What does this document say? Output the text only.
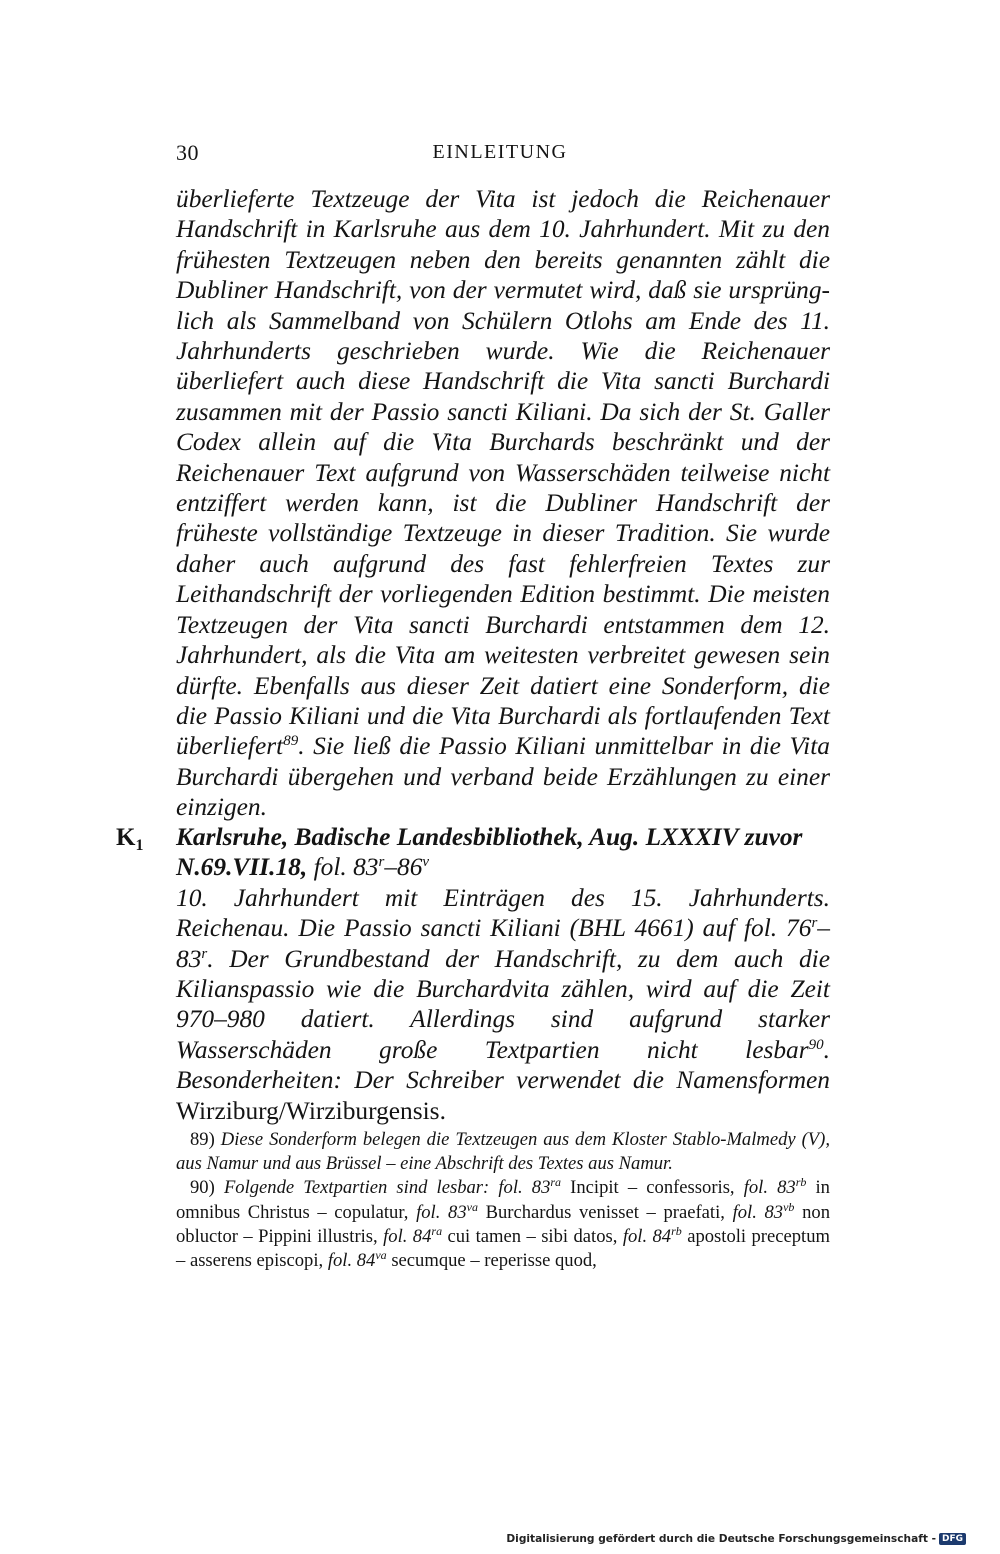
30	EINLEITUNG

überlieferte Textzeuge der Vita ist jedoch die Reichenauer Handschrift in Karlsruhe aus dem 10. Jahrhundert. Mit zu den frühesten Textzeugen neben den bereits genannten zählt die Dubliner Handschrift, von der vermutet wird, daß sie ursprünglich als Sammelband von Schülern Otlohs am Ende des 11. Jahrhunderts geschrieben wurde. Wie die Reichenauer überliefert auch diese Handschrift die Vita sancti Burchardi zusammen mit der Passio sancti Kiliani. Da sich der St. Galler Codex allein auf die Vita Burchards beschränkt und der Reichenauer Text aufgrund von Wasserschäden teilweise nicht entziffert werden kann, ist die Dubliner Handschrift der früheste vollständige Textzeuge in dieser Tradition. Sie wurde daher auch aufgrund des fast fehlerfreien Textes zur Leithandschrift der vorliegenden Edition bestimmt. Die meisten Textzeugen der Vita sancti Burchardi entstammen dem 12. Jahrhundert, als die Vita am weitesten verbreitet gewesen sein dürfte. Ebenfalls aus dieser Zeit datiert eine Sonderform, die die Passio Kiliani und die Vita Burchardi als fortlaufenden Text überliefert$^{89}$. Sie ließ die Passio Kiliani unmittelbar in die Vita Burchardi übergehen und verband beide Erzählungen zu einer einzigen.

$K_1$ Karlsruhe, Badische Landesbibliothek, Aug. LXXXIV zuvor N.69.VII.18, fol. 83$^r$–86$^v$

10. Jahrhundert mit Einträgen des 15. Jahrhunderts. Reichenau. Die Passio sancti Kiliani (BHL 4661) auf fol. 76$^r$–83$^r$. Der Grundbestand der Handschrift, zu dem auch die Kilianspassio wie die Burchardvita zählen, wird auf die Zeit 970–980 datiert. Allerdings sind aufgrund starker Wasserschäden große Textpartien nicht lesbar$^{90}$. Besonderheiten: Der Schreiber verwendet die Namensformen Wirziburg/Wirziburgensis.

89) Diese Sonderform belegen die Textzeugen aus dem Kloster Stablo-Malmedy (V), aus Namur und aus Brüssel – eine Abschrift des Textes aus Namur.

90) Folgende Textpartien sind lesbar: fol. $83^{ra}$ Incipit – confessoris, fol. $83^{rb}$ in omnibus Christus – copulatur, fol. $83^{va}$ Burchardus venisset – praefati, fol. $83^{vb}$ non obluctor – Pippini illustris, fol. $84^{ra}$ cui tamen – sibi datos, fol. $84^{rb}$ apostoli preceptum – asserens episcopi, fol. $84^{va}$ secumque – reperisse quod,

Digitalisierung gefördert durch die Deutsche Forschungsgemeinschaft - DFG
